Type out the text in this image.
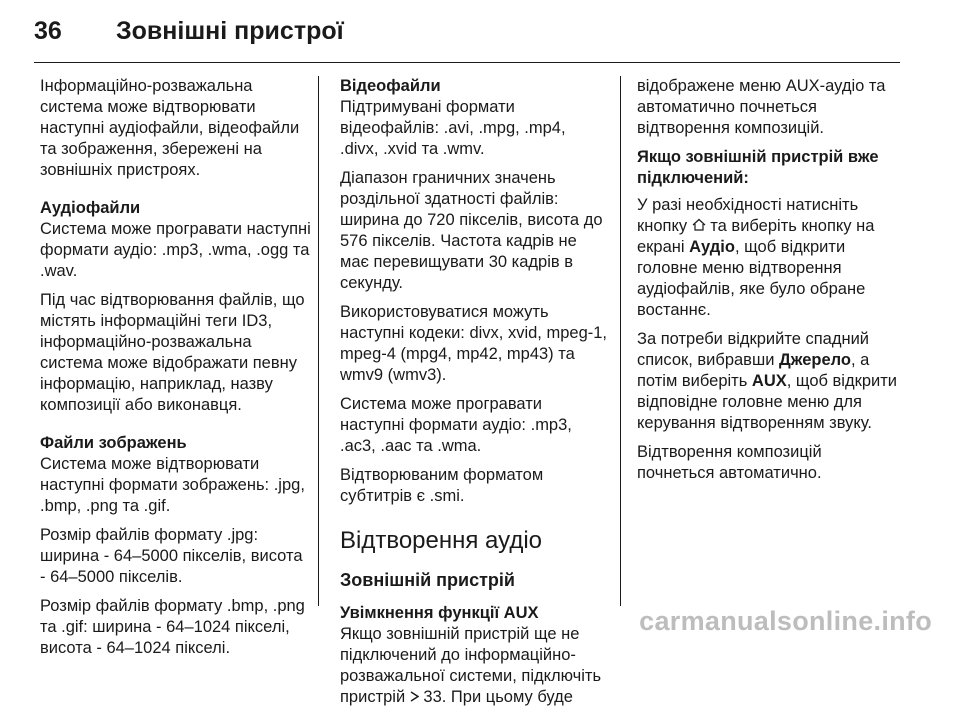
36 Зовнішні пристрої

Інформаційно-розважальна система може відтворювати наступні аудіофайли, відеофайли та зображення, збережені на зовнішніх пристроях.

Аудіофайли

Система може програвати наступні формати аудіо: .mp3, .wma, .ogg та .wav.

Під час відтворювання файлів, що містять інформаційні теги ID3, інформаційно-розважальна система може відображати певну інформацію, наприклад, назву композиції або виконавця.

Файли зображень

Система може відтворювати наступні формати зображень: .jpg, .bmp, .png та .gif.

Розмір файлів формату .jpg: ширина - 64–5000 пікселів, висота - 64–5000 пікселів.

Розмір файлів формату .bmp, .png та .gif: ширина - 64–1024 пікселі, висота - 64–1024 пікселі.

Відеофайли

Підтримувані формати відеофайлів: .avi, .mpg, .mp4, .divx, .xvid та .wmv.

Діапазон граничних значень роздільної здатності файлів: ширина до 720 пікселів, висота до 576 пікселів. Частота кадрів не має перевищувати 30 кадрів в секунду.

Використовуватися можуть наступні кодеки: divx, xvid, mpeg-1, mpeg-4 (mpg4, mp42, mp43) та wmv9 (wmv3).

Система може програвати наступні формати аудіо: .mp3, .ac3, .aac та .wma.

Відтворюваним форматом субтитрів є .smi.

Відтворення аудіо
Зовнішній пристрій
Увімкнення функції AUX

Якщо зовнішній пристрій ще не підключений до інформаційно-розважальної системи, підключіть пристрій 33. При цьому буде

відображене меню AUX-аудіо та автоматично почнеться відтворення композицій.

Якщо зовнішній пристрій вже підключений:

У разі необхідності натисніть кнопку та виберіть кнопку на екрані Аудіо, щоб відкрити головне меню відтворення аудіофайлів, яке було обране востаннє.

За потреби відкрийте спадний список, вибравши Джерело, а потім виберіть AUX, щоб відкрити відповідне головне меню для керування відтворенням звуку.

Відтворення композицій почнеться автоматично.

carmanualsonline.info
